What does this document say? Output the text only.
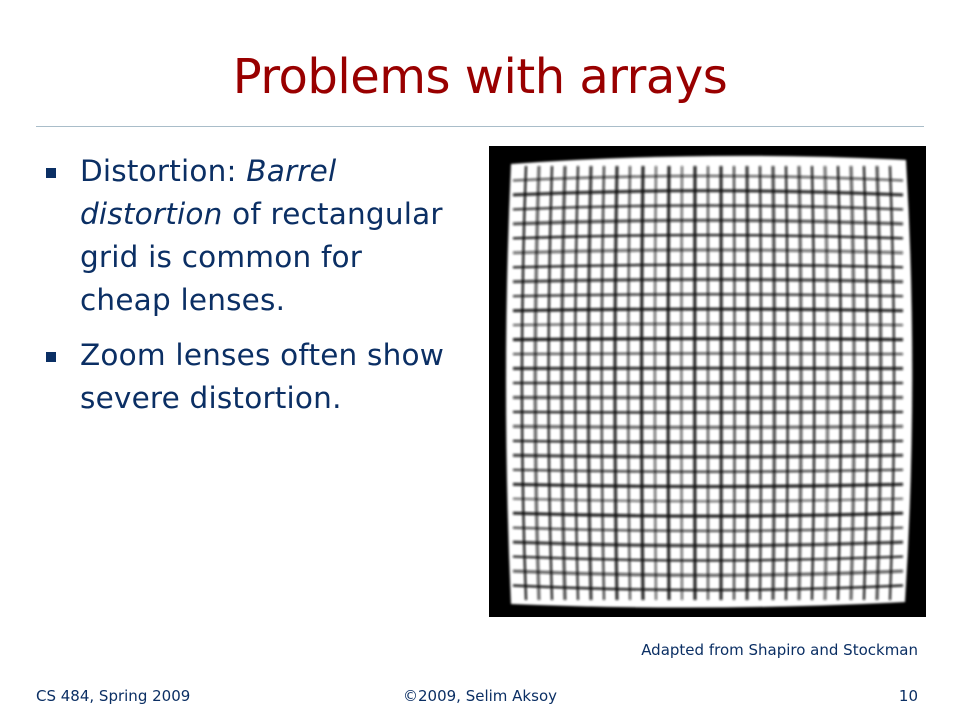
Problems with arrays
Distortion: Barrel distortion of rectangular grid is common for cheap lenses.
Zoom lenses often show severe distortion.
Adapted from Shapiro and Stockman
CS 484, Spring 2009	©2009, Selim Aksoy	10
